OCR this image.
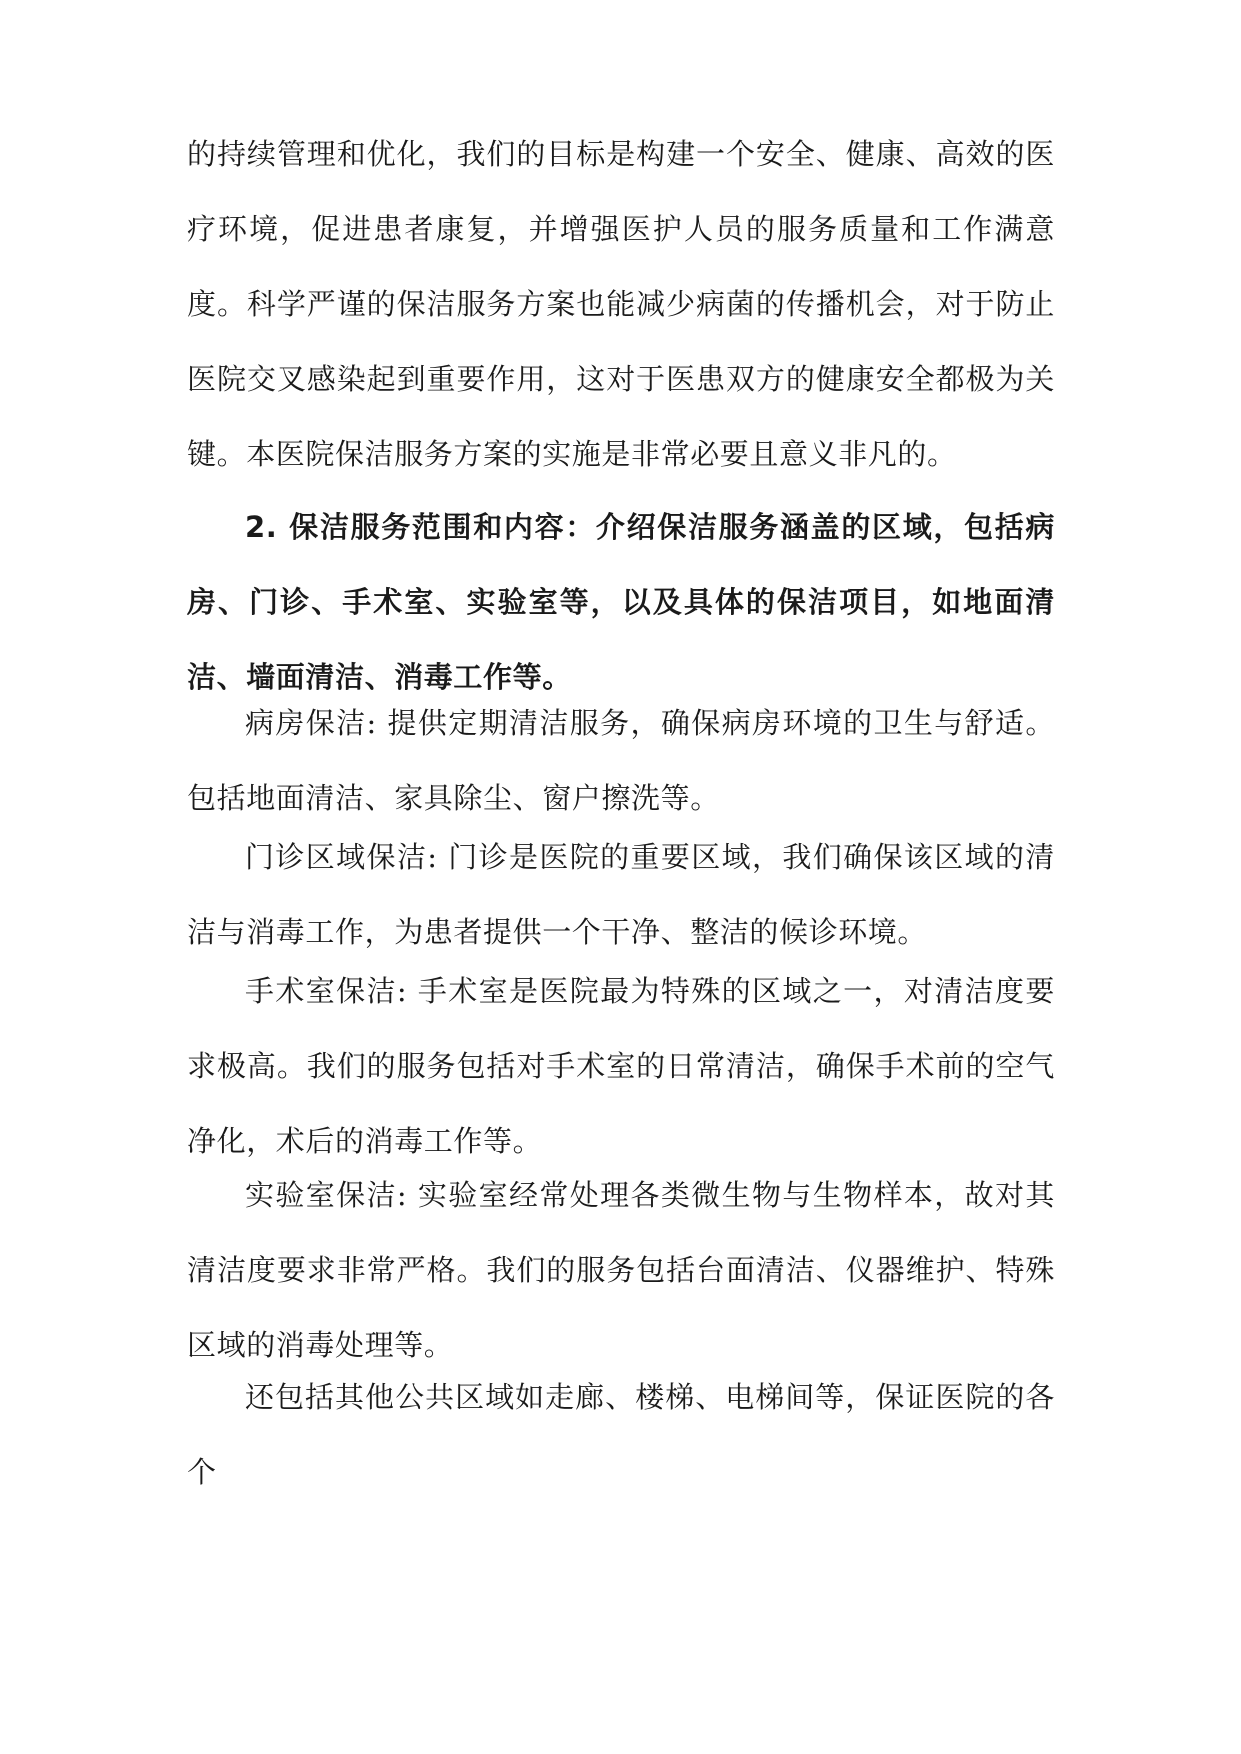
的持续管理和优化，我们的目标是构建一个安全、健康、高效的医疗环境，促进患者康复，并增强医护人员的服务质量和工作满意度。科学严谨的保洁服务方案也能减少病菌的传播机会，对于防止医院交叉感染起到重要作用，这对于医患双方的健康安全都极为关键。本医院保洁服务方案的实施是非常必要且意义非凡的。

2. 保洁服务范围和内容：介绍保洁服务涵盖的区域，包括病房、门诊、手术室、实验室等，以及具体的保洁项目，如地面清洁、墙面清洁、消毒工作等。

病房保洁: 提供定期清洁服务，确保病房环境的卫生与舒适。包括地面清洁、家具除尘、窗户擦洗等。

门诊区域保洁: 门诊是医院的重要区域，我们确保该区域的清洁与消毒工作，为患者提供一个干净、整洁的候诊环境。

手术室保洁: 手术室是医院最为特殊的区域之一，对清洁度要求极高。我们的服务包括对手术室的日常清洁，确保手术前的空气净化，术后的消毒工作等。

实验室保洁: 实验室经常处理各类微生物与生物样本，故对其清洁度要求非常严格。我们的服务包括台面清洁、仪器维护、特殊区域的消毒处理等。

还包括其他公共区域如走廊、楼梯、电梯间等，保证医院的各个
